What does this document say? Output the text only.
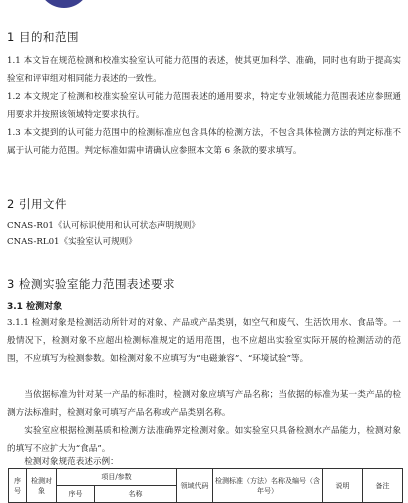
1 目的和范围

1.1 本文旨在规范检测和校准实验室认可能力范围的表述，使其更加科学、准确，同时也有助于提高实验室和评审组对相同能力表述的一致性。

1.2 本文规定了检测和校准实验室认可能力范围表述的通用要求，特定专业领域能力范围表述应参照通用要求并按照该领域特定要求执行。

1.3 本文提到的认可能力范围中的检测标准应包含具体的检测方法，不包含具体检测方法的判定标准不属于认可能力范围。判定标准如需申请确认应参照本文第 6 条款的要求填写。

2 引用文件
CNAS-R01《认可标识使用和认可状态声明规则》
CNAS-RL01《实验室认可规则》
3 检测实验室能力范围表述要求
3.1 检测对象

3.1.1 检测对象是检测活动所针对的对象、产品或产品类别，如空气和废气、生活饮用水、食品等。一般情况下，检测对象不应超出检测标准规定的适用范围，也不应超出实验室实际开展的检测活动的范围，不应填写为检测参数。如检测对象不应填写为“电磁兼容”、“环境试验”等。

当依据标准为针对某一产品的标准时，检测对象应填写产品名称；当依据的标准为某一类产品的检测方法标准时，检测对象可填写产品名称或产品类别名称。

实验室应根据检测基质和检测方法准确界定检测对象。如实验室只具备检测水产品能力，检测对象的填写不应扩大为“食品”。

检测对象规范表述示例：

序号	检测对象	项目/参数		领域代码	检测标准（方法）名称及编号（含年号）	说明	备注
		序号	名称				
